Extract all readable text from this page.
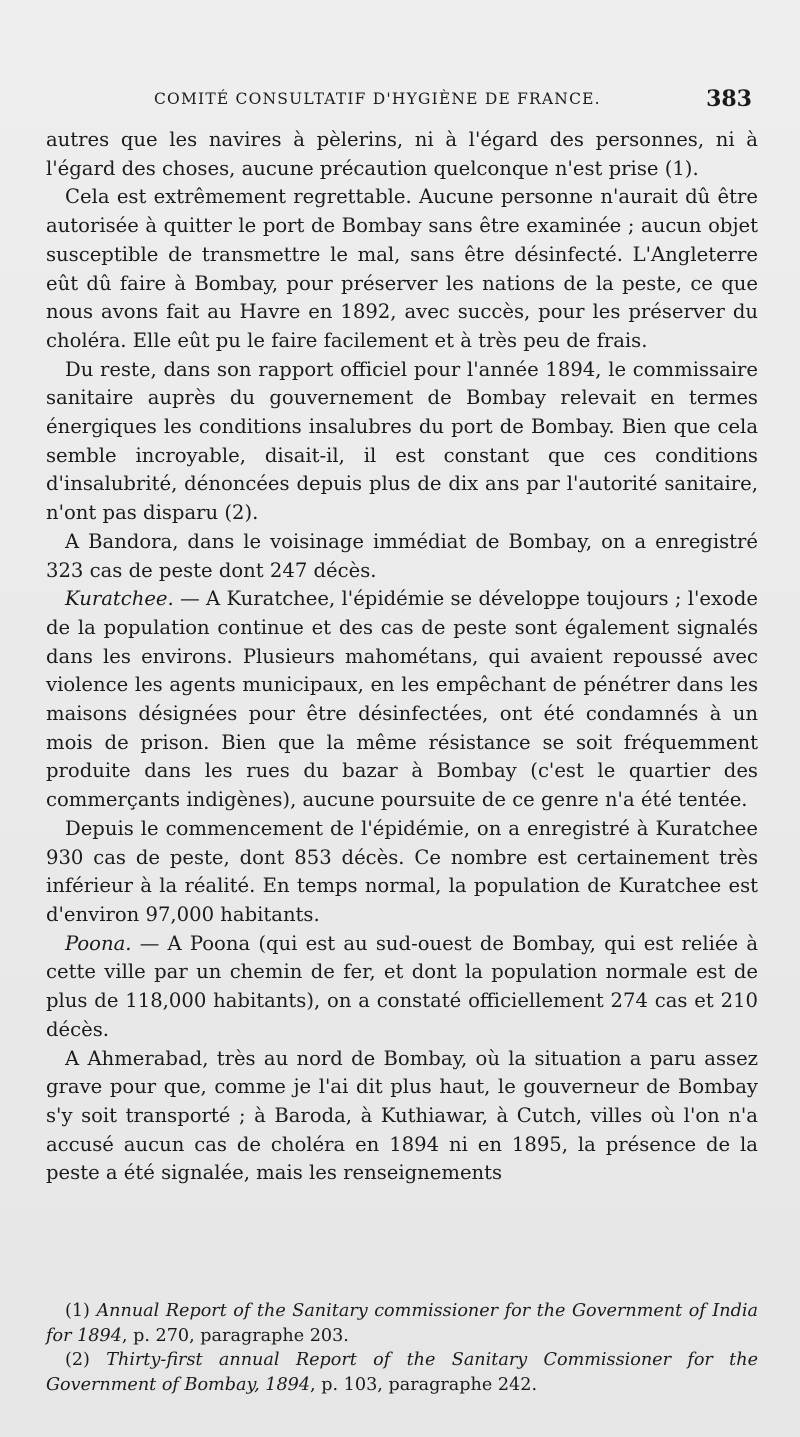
COMITÉ CONSULTATIF D'HYGIÈNE DE FRANCE.	383

autres que les navires à pèlerins, ni à l'égard des personnes, ni à l'égard des choses, aucune précaution quelconque n'est prise (1).

Cela est extrêmement regrettable. Aucune personne n'aurait dû être autorisée à quitter le port de Bombay sans être examinée ; aucun objet susceptible de transmettre le mal, sans être désinfecté. L'Angleterre eût dû faire à Bombay, pour préserver les nations de la peste, ce que nous avons fait au Havre en 1892, avec succès, pour les préserver du choléra. Elle eût pu le faire facilement et à très peu de frais.

Du reste, dans son rapport officiel pour l'année 1894, le commissaire sanitaire auprès du gouvernement de Bombay relevait en termes énergiques les conditions insalubres du port de Bombay. Bien que cela semble incroyable, disait-il, il est constant que ces conditions d'insalubrité, dénoncées depuis plus de dix ans par l'autorité sanitaire, n'ont pas disparu (2).

A Bandora, dans le voisinage immédiat de Bombay, on a enregistré 323 cas de peste dont 247 décès.

Kuratchee. — A Kuratchee, l'épidémie se développe toujours ; l'exode de la population continue et des cas de peste sont également signalés dans les environs. Plusieurs mahométans, qui avaient repoussé avec violence les agents municipaux, en les empêchant de pénétrer dans les maisons désignées pour être désinfectées, ont été condamnés à un mois de prison. Bien que la même résistance se soit fréquemment produite dans les rues du bazar à Bombay (c'est le quartier des commerçants indigènes), aucune poursuite de ce genre n'a été tentée.

Depuis le commencement de l'épidémie, on a enregistré à Kuratchee 930 cas de peste, dont 853 décès. Ce nombre est certainement très inférieur à la réalité. En temps normal, la population de Kuratchee est d'environ 97,000 habitants.

Poona. — A Poona (qui est au sud-ouest de Bombay, qui est reliée à cette ville par un chemin de fer, et dont la population normale est de plus de 118,000 habitants), on a constaté officiellement 274 cas et 210 décès.

A Ahmerabad, très au nord de Bombay, où la situation a paru assez grave pour que, comme je l'ai dit plus haut, le gouverneur de Bombay s'y soit transporté ; à Baroda, à Kuthiawar, à Cutch, villes où l'on n'a accusé aucun cas de choléra en 1894 ni en 1895, la présence de la peste a été signalée, mais les renseignements

(1) Annual Report of the Sanitary commissioner for the Government of India for 1894, p. 270, paragraphe 203.

(2) Thirty-first annual Report of the Sanitary Commissioner for the Government of Bombay, 1894, p. 103, paragraphe 242.
